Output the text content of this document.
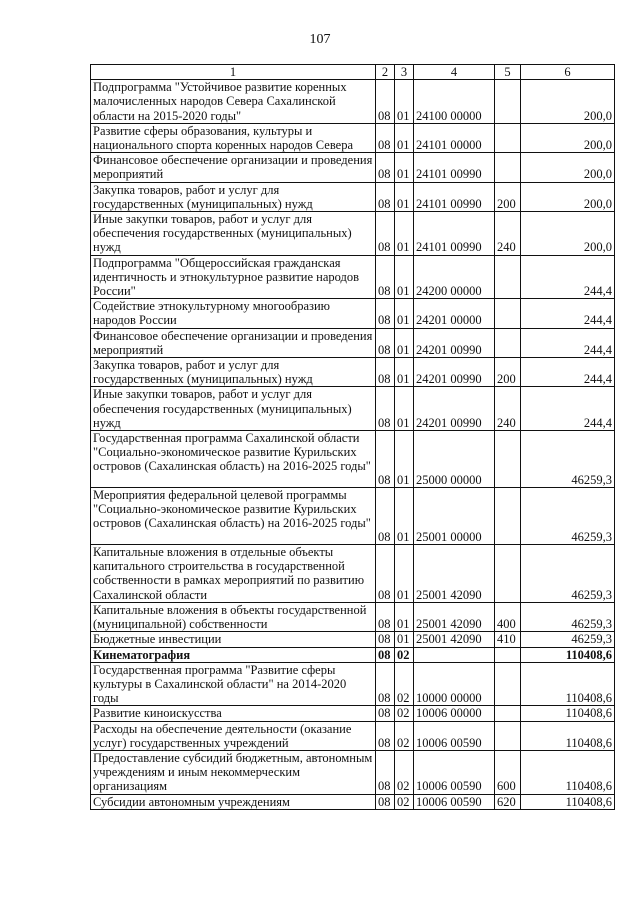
107
1	2	3	4	5	6
Подпрограмма "Устойчивое развитие коренных малочисленных народов Севера Сахалинской области на 2015-2020 годы"	08	01	24100 00000		200,0
Развитие сферы образования, культуры и национального спорта коренных народов Севера	08	01	24101 00000		200,0
Финансовое обеспечение организации и проведения мероприятий	08	01	24101 00990		200,0
Закупка товаров, работ и услуг для государственных (муниципальных) нужд	08	01	24101 00990	200	200,0
Иные закупки товаров, работ и услуг для обеспечения государственных (муниципальных) нужд	08	01	24101 00990	240	200,0
Подпрограмма "Общероссийская гражданская идентичность и этнокультурное развитие народов России"	08	01	24200 00000		244,4
Содействие этнокультурному многообразию народов России	08	01	24201 00000		244,4
Финансовое обеспечение организации и проведения мероприятий	08	01	24201 00990		244,4
Закупка товаров, работ и услуг для государственных (муниципальных) нужд	08	01	24201 00990	200	244,4
Иные закупки товаров, работ и услуг для обеспечения государственных (муниципальных) нужд	08	01	24201 00990	240	244,4
Государственная программа Сахалинской области "Социально-экономическое развитие Курильских островов (Сахалинская область) на 2016-2025 годы"	08	01	25000 00000		46259,3
Мероприятия федеральной целевой программы "Социально-экономическое развитие Курильских островов (Сахалинская область) на 2016-2025 годы"	08	01	25001 00000		46259,3
Капитальные вложения в отдельные объекты капитального строительства в государственной собственности в рамках мероприятий по развитию Сахалинской области	08	01	25001 42090		46259,3
Капитальные вложения в объекты государственной (муниципальной) собственности	08	01	25001 42090	400	46259,3
Бюджетные инвестиции	08	01	25001 42090	410	46259,3
Кинематография	08	02			110408,6
Государственная программа "Развитие сферы культуры в Сахалинской области" на 2014-2020 годы	08	02	10000 00000		110408,6
Развитие киноискусства	08	02	10006 00000		110408,6
Расходы на обеспечение деятельности (оказание услуг) государственных учреждений	08	02	10006 00590		110408,6
Предоставление субсидий бюджетным, автономным учреждениям и иным некоммерческим организациям	08	02	10006 00590	600	110408,6
Субсидии автономным учреждениям	08	02	10006 00590	620	110408,6
